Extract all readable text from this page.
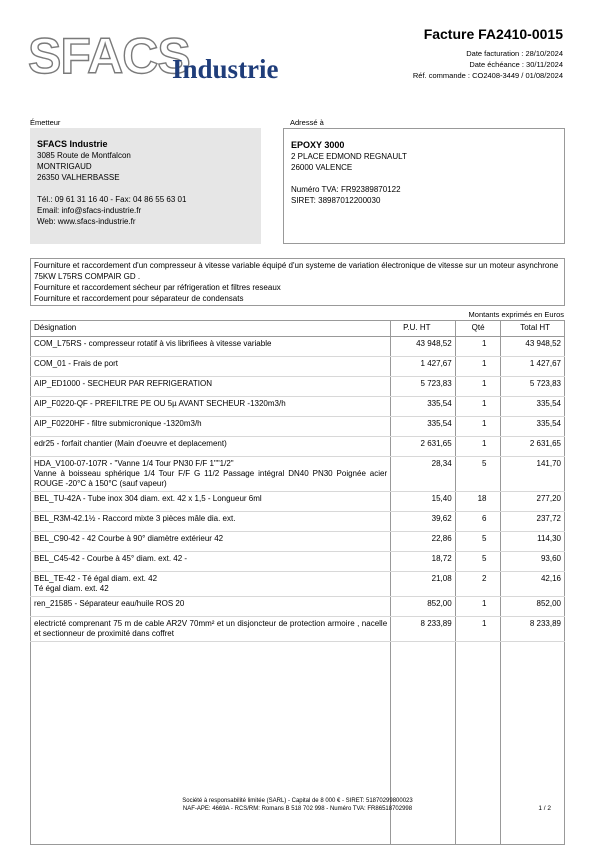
SFACS
Industrie
Facture FA2410-0015
Date facturation : 28/10/2024
Date échéance : 30/11/2024
Réf. commande : CO2408-3449 / 01/08/2024
Émetteur
SFACS Industrie
3085 Route de Montfalcon
MONTRIGAUD
26350 VALHERBASSE
Tél.: 09 61 31 16 40 - Fax: 04 86 55 63 01
Email: info@sfacs-industrie.fr
Web: www.sfacs-industrie.fr
Adressé à
EPOXY 3000
2 PLACE EDMOND REGNAULT
26000 VALENCE
Numéro TVA: FR92389870122
SIRET: 38987012200030
Fourniture et raccordement d'un compresseur à vitesse variable équipé d'un systeme de variation électronique de vitesse sur un moteur asynchrone 75KW L75RS COMPAIR GD .
Fourniture et raccordement sécheur par réfrigeration et filtres reseaux
Fourniture et raccordement pour séparateur de condensats
Montants exprimés en Euros
Désignation	P.U. HT	Qté	Total HT
COM_L75RS - compresseur rotatif à vis librifiees à vitesse variable	43 948,52	1	43 948,52
COM_01 - Frais de port	1 427,67	1	1 427,67
AIP_ED1000 - SECHEUR PAR REFRIGERATION	5 723,83	1	5 723,83
AIP_F0220-QF - PREFILTRE PE OU 5µ AVANT SECHEUR -1320m3/h	335,54	1	335,54
AIP_F0220HF - filtre submicronique -1320m3/h	335,54	1	335,54
edr25 - forfait chantier (Main d'oeuvre et deplacement)	2 631,65	1	2 631,65
HDA_V100-07-107R - "Vanne 1/4 Tour PN30 F/F 1""1/2"
Vanne à boisseau sphérique 1/4 Tour F/F G 11/2 Passage intégral DN40 PN30 Poignée acier ROUGE -20°C à 150°C (sauf vapeur)	28,34	5	141,70
BEL_TU-42A - Tube inox 304 diam. ext. 42 x 1,5 - Longueur 6ml	15,40	18	277,20
BEL_R3M-42.1½ - Raccord mixte 3 pièces mâle dia. ext.	39,62	6	237,72
BEL_C90-42 - 42 Courbe à 90° diamètre extérieur 42	22,86	5	114,30
BEL_C45-42 - Courbe à 45° diam. ext. 42 -	18,72	5	93,60
BEL_TE-42 - Té égal diam. ext. 42
Té égal diam. ext. 42	21,08	2	42,16
ren_21585 - Séparateur eau/huile ROS 20	852,00	1	852,00
electricté comprenant 75 m de cable AR2V 70mm² et un disjoncteur de protection armoire , nacelle et sectionneur de proximité dans coffret	8 233,89	1	8 233,89

Société à responsabilité limitée (SARL) - Capital de 8 000 € - SIRET: 51870299800023
NAF-APE: 4669A - RCS/RM: Romans B 518 702 998 - Numéro TVA: FR86518702998	1 / 2
